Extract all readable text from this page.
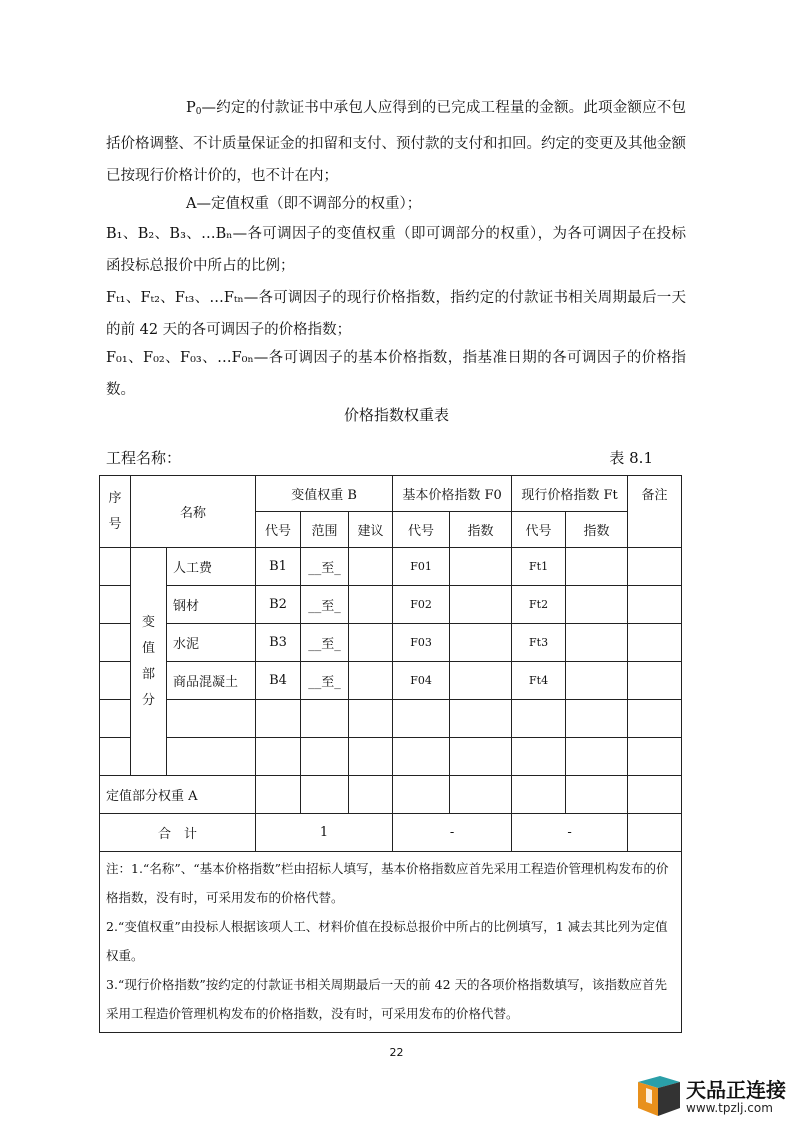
$P_0—$约定的付款证书中承包人应得到的已完成工程量的金额。此项金额应不包括价格调整、不计质量保证金的扣留和支付、预付款的支付和扣回。约定的变更及其他金额已按现行价格计价的，也不计在内；

A—定值权重（即不调部分的权重）；

B₁、B₂、B₃、…Bₙ—各可调因子的变值权重（即可调部分的权重），为各可调因子在投标函投标总报价中所占的比例；

Fₜ₁、Fₜ₂、Fₜ₃、…Fₜₙ—各可调因子的现行价格指数，指约定的付款证书相关周期最后一天的前 42 天的各可调因子的价格指数；

F₀₁、F₀₂、F₀₃、…F₀ₙ—各可调因子的基本价格指数，指基准日期的各可调因子的价格指数。

价格指数权重表
工程名称：	表 8.1
序号	名称		变值权重 B			基本价格指数 F0		现行价格指数 Ft		备注
			代号	范围	建议	代号	指数	代号	指数	
	变值部分	人工费	B1	__至_		F01		Ft1		
		钢材	B2	__至_		F02		Ft2		
		水泥	B3	__至_		F03		Ft3		
		商品混凝土	B4	__至_		F04		Ft4		

定值部分权重 A										
合　计			1			-		-		

注：1.“名称”、“基本价格指数”栏由招标人填写，基本价格指数应首先采用工程造价管理机构发布的价格指数，没有时，可采用发布的价格代替。
2.“变值权重”由投标人根据该项人工、材料价值在投标总报价中所占的比例填写，1 减去其比列为定值权重。
3.“现行价格指数”按约定的付款证书相关周期最后一天的前 42 天的各项价格指数填写，该指数应首先采用工程造价管理机构发布的价格指数，没有时，可采用发布的价格代替。										
22
天品正连接
www.tpzlj.com
